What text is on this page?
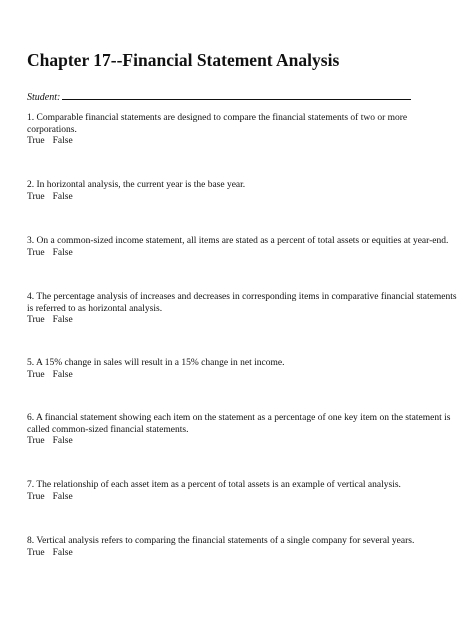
Chapter 17--Financial Statement Analysis
Student:

1. Comparable financial statements are designed to compare the financial statements of two or more corporations.

True False

2. In horizontal analysis, the current year is the base year.

True False

3. On a common-sized income statement, all items are stated as a percent of total assets or equities at year-end.

True False

4. The percentage analysis of increases and decreases in corresponding items in comparative financial statements is referred to as horizontal analysis.

True False

5. A 15% change in sales will result in a 15% change in net income.

True False

6. A financial statement showing each item on the statement as a percentage of one key item on the statement is called common-sized financial statements.

True False

7. The relationship of each asset item as a percent of total assets is an example of vertical analysis.

True False

8. Vertical analysis refers to comparing the financial statements of a single company for several years.

True False
